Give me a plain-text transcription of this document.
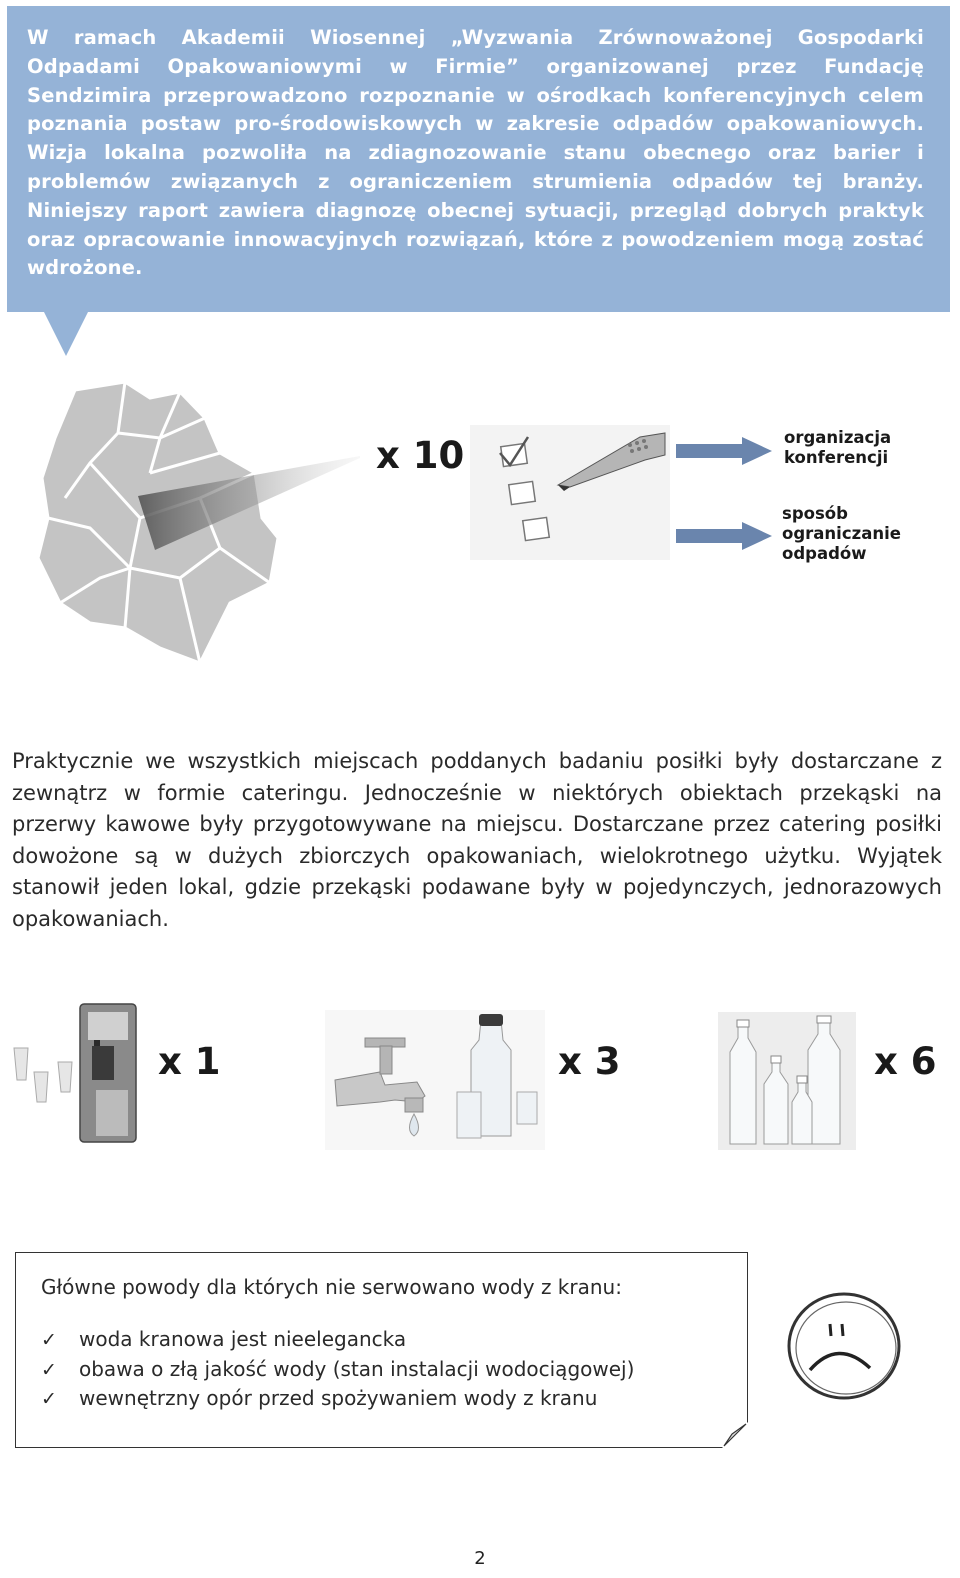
W ramach Akademii Wiosennej „Wyzwania Zrównoważonej Gospodarki Odpadami Opakowaniowymi w Firmie” organizowanej przez Fundację Sendzimira przeprowadzono rozpoznanie w ośrodkach konferencyjnych celem poznania postaw pro-środowiskowych w zakresie odpadów opakowaniowych. Wizja lokalna pozwoliła na zdiagnozowanie stanu obecnego oraz barier i problemów związanych z ograniczeniem strumienia odpadów tej branży. Niniejszy raport zawiera diagnozę obecnej sytuacji, przegląd dobrych praktyk oraz opracowanie innowacyjnych rozwiązań, które z powodzeniem mogą zostać wdrożone.

x 10	organizacja
konferencji
sposób
ograniczanie
odpadów

Praktycznie we wszystkich miejscach poddanych badaniu posiłki były dostarczane z zewnątrz w formie cateringu. Jednocześnie w niektórych obiektach przekąski na przerwy kawowe były przygotowywane na miejscu. Dostarczane przez catering posiłki dowożone są w dużych zbiorczych opakowaniach, wielokrotnego użytku. Wyjątek stanowił jeden lokal, gdzie przekąski podawane były w pojedynczych, jednorazowych opakowaniach.

x 1	x 3	x 6

Główne powody dla których nie serwowano wody z kranu:

✓ woda kranowa jest nieelegancka
✓ obawa o złą jakość wody (stan instalacji wodociągowej)
✓ wewnętrzny opór przed spożywaniem wody z kranu
2
